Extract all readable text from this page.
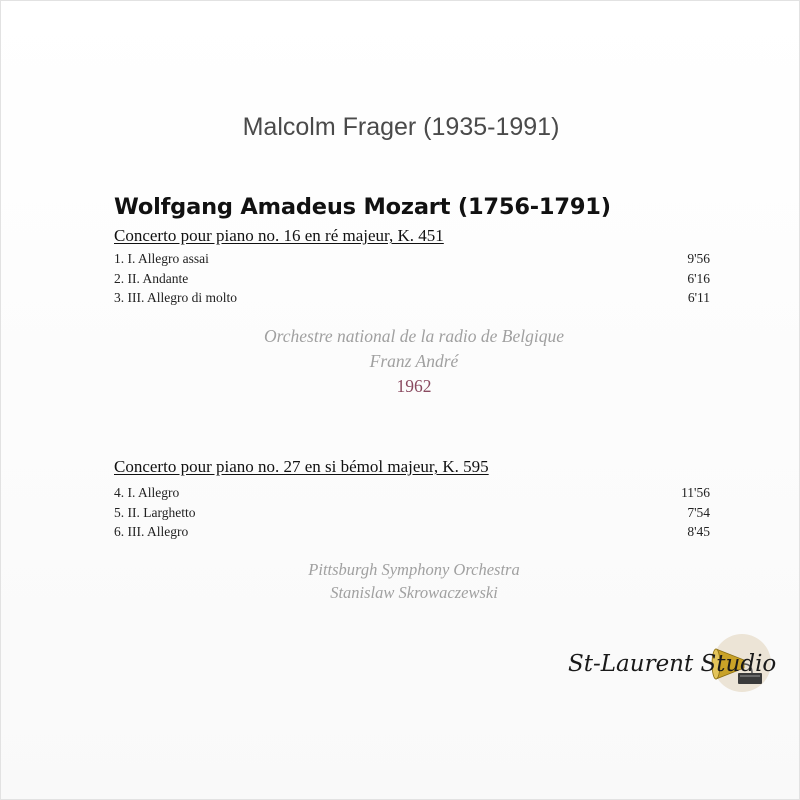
Malcolm Frager (1935-1991)
Wolfgang Amadeus Mozart (1756-1791)
Concerto pour piano no. 16 en ré majeur, K. 451
1. I. Allegro assai	9'56
2. II. Andante	6'16
3. III. Allegro di molto	6'11
Orchestre national de la radio de Belgique
Franz André
1962
Concerto pour piano no. 27 en si bémol majeur, K. 595
4. I. Allegro	11'56
5. II. Larghetto	7'54
6. III. Allegro	8'45
Pittsburgh Symphony Orchestra
Stanislaw Skrowaczewski
St-Laurent Studio
